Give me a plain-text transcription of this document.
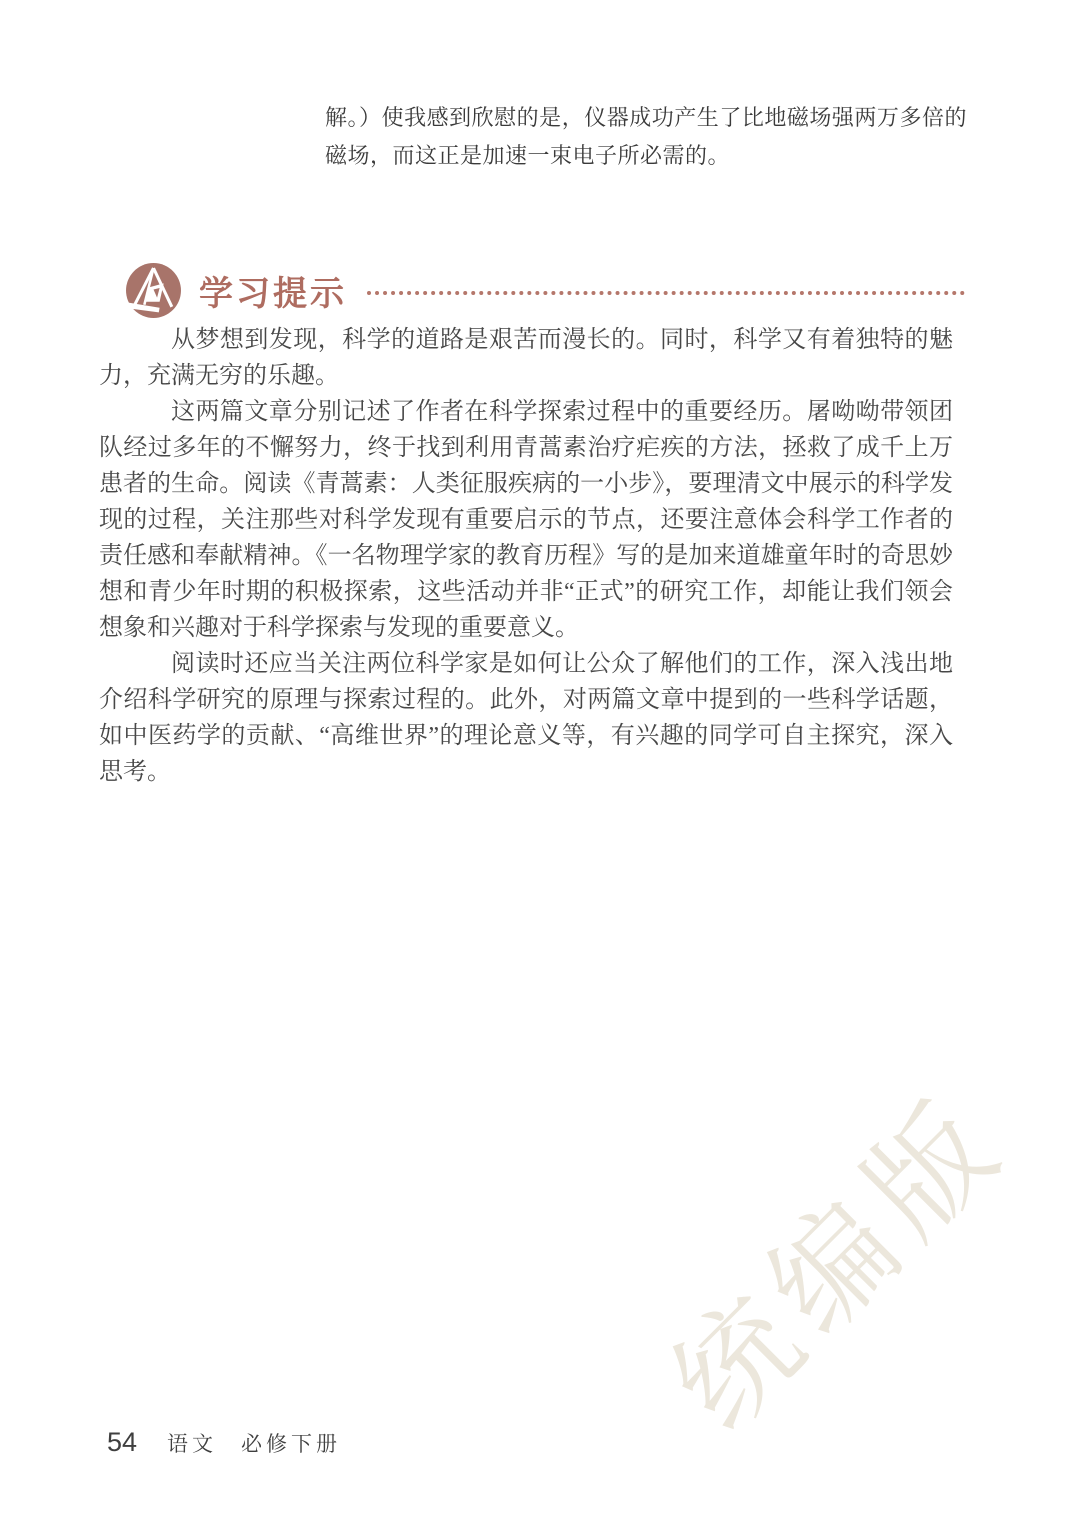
解。）使我感到欣慰的是，仪器成功产生了比地磁场强两万多倍的磁场，而这正是加速一束电子所必需的。
学习提示

从梦想到发现，科学的道路是艰苦而漫长的。同时，科学又有着独特的魅力，充满无穷的乐趣。

这两篇文章分别记述了作者在科学探索过程中的重要经历。屠呦呦带领团队经过多年的不懈努力，终于找到利用青蒿素治疗疟疾的方法，拯救了成千上万患者的生命。阅读《青蒿素：人类征服疾病的一小步》，要理清文中展示的科学发现的过程，关注那些对科学发现有重要启示的节点，还要注意体会科学工作者的责任感和奉献精神。《一名物理学家的教育历程》写的是加来道雄童年时的奇思妙想和青少年时期的积极探索，这些活动并非“正式”的研究工作，却能让我们领会想象和兴趣对于科学探索与发现的重要意义。

阅读时还应当关注两位科学家是如何让公众了解他们的工作，深入浅出地介绍科学研究的原理与探索过程的。此外，对两篇文章中提到的一些科学话题，如中医药学的贡献、“高维世界”的理论意义等，有兴趣的同学可自主探究，深入思考。

统编版
54 语文 必修下册
